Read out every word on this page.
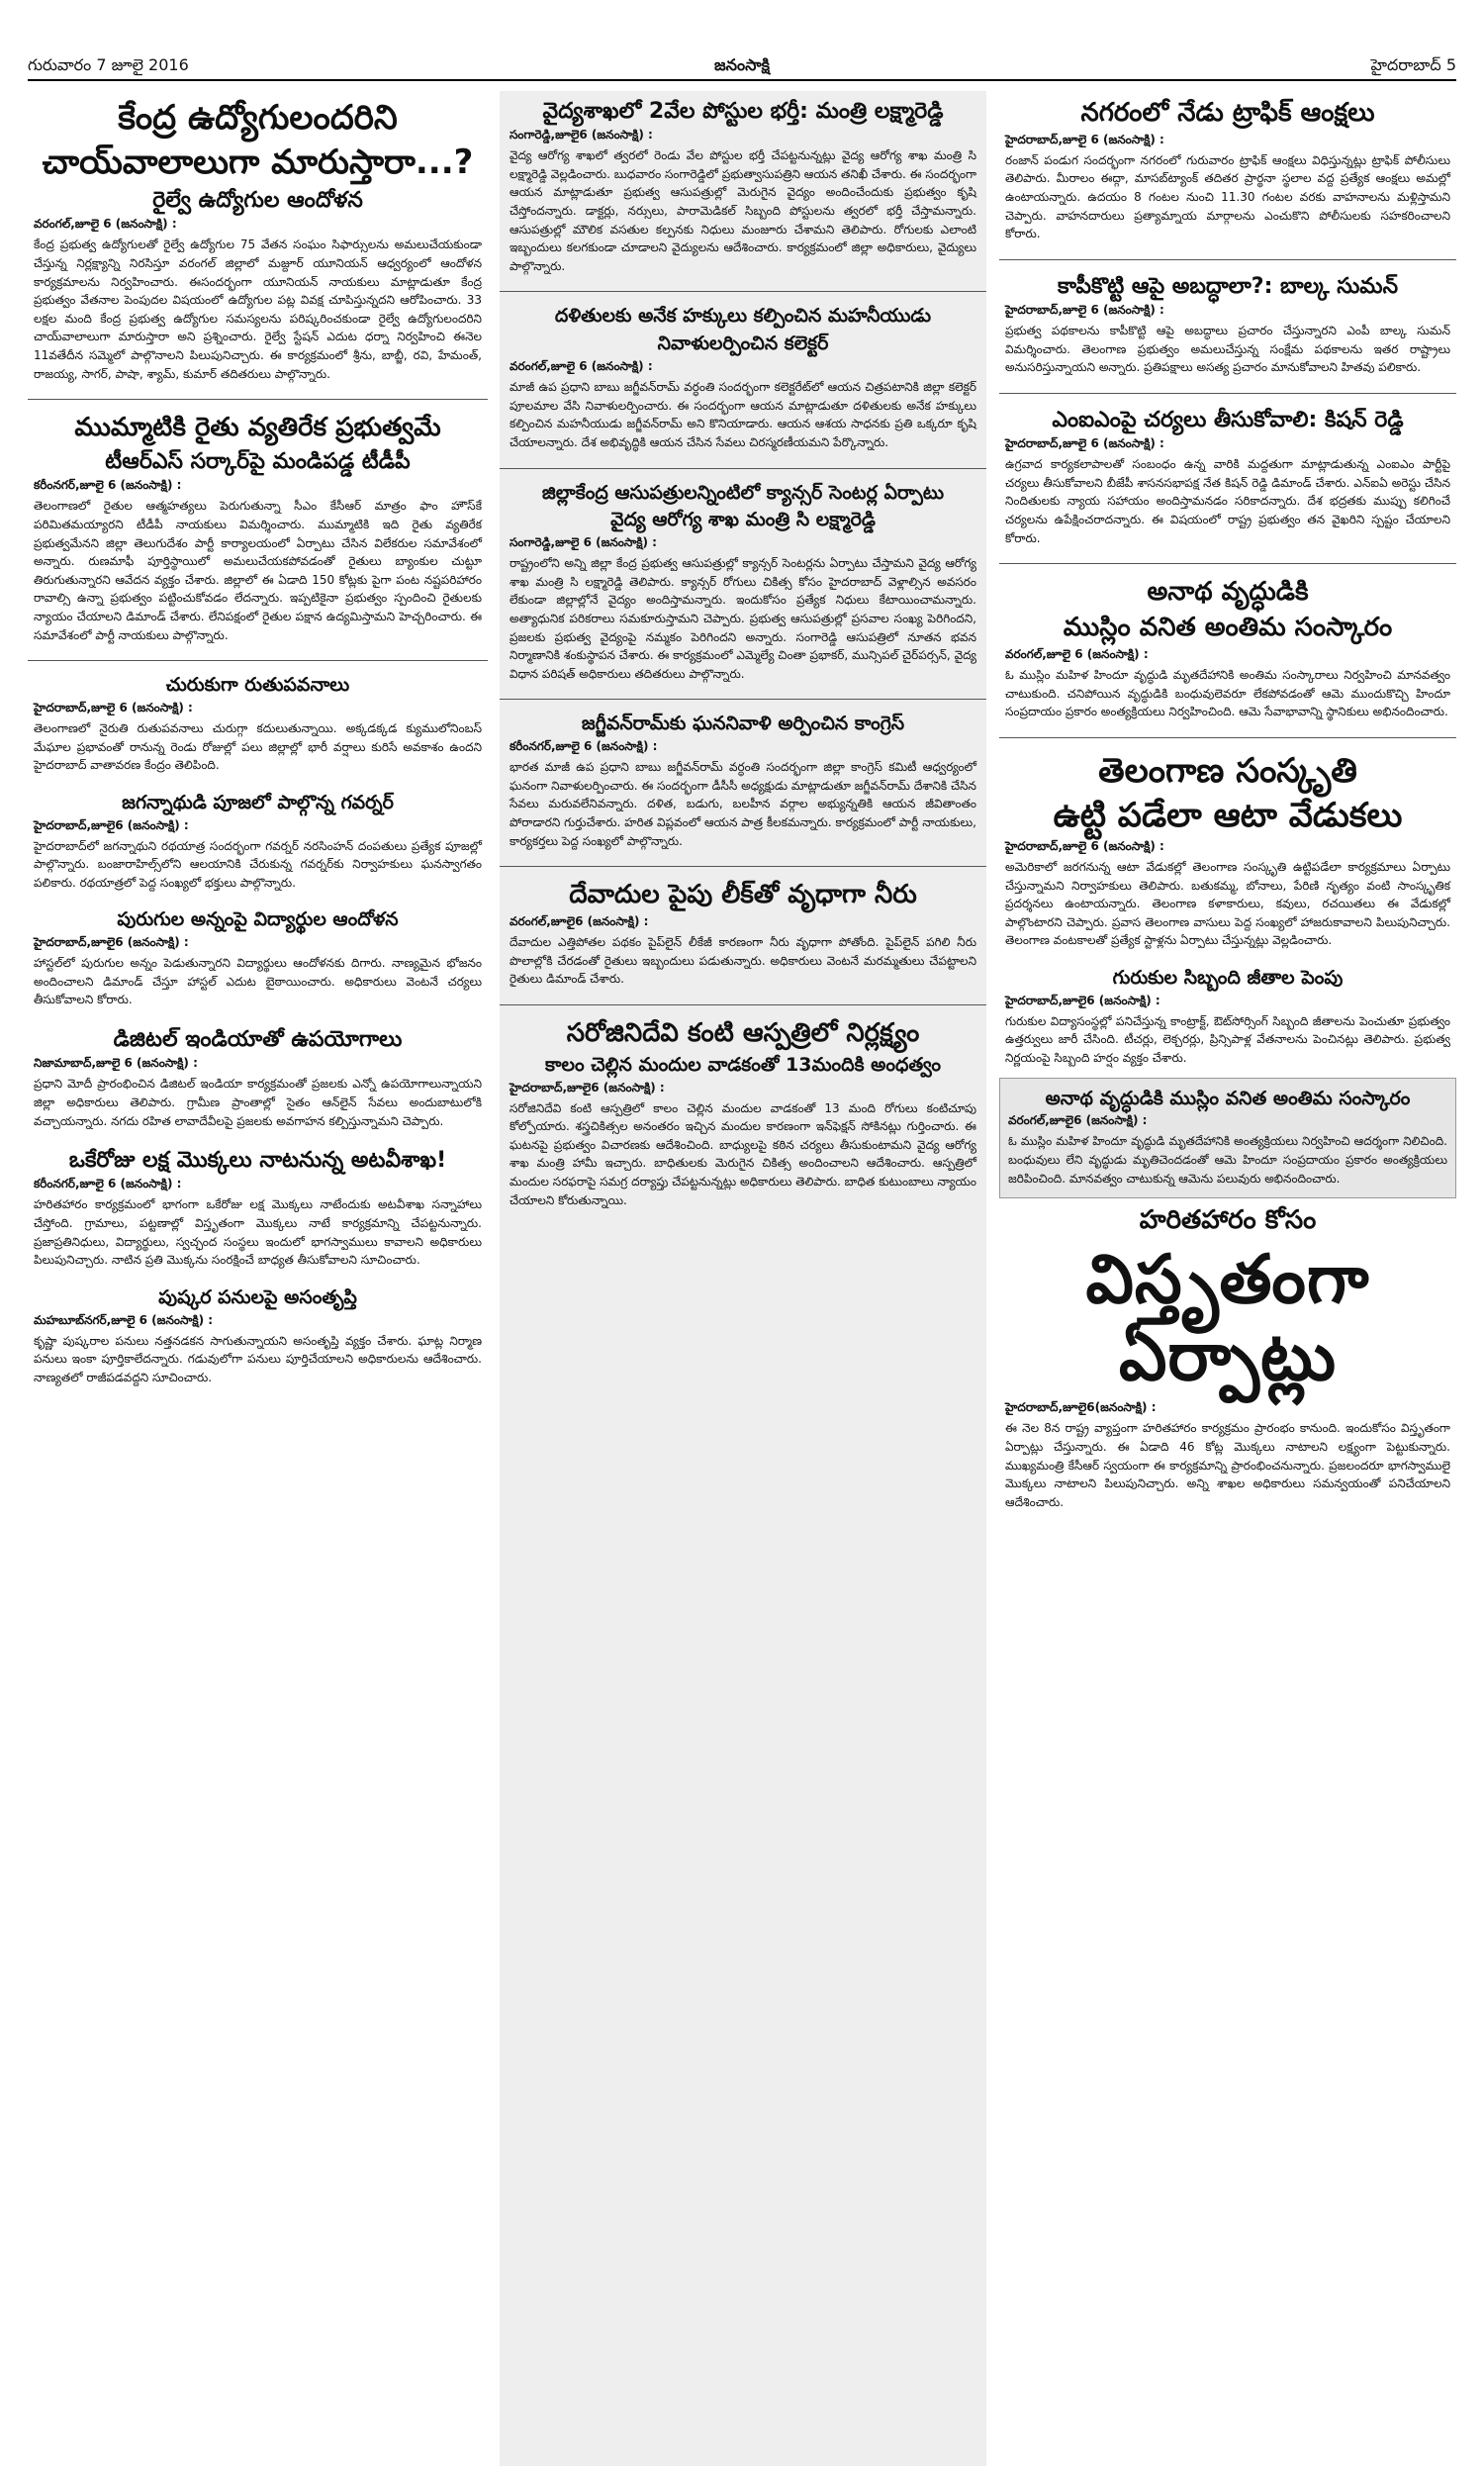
గురువారం 7 జూలై 2016	జనంసాక్షి	హైదరాబాద్ 5
కేంద్ర ఉద్యోగులందరిని
చాయ్‌వాలాలుగా మారుస్తారా...?
రైల్వే ఉద్యోగుల ఆందోళన
వరంగల్,జూలై 6 (జనంసాక్షి) :

కేంద్ర ప్రభుత్వ ఉద్యోగులతో రైల్వే ఉద్యోగుల 75 వేతన సంఘం సిఫార్సులను అమలుచేయకుండా చేస్తున్న నిర్లక్ష్యాన్ని నిరసిస్తూ వరంగల్ జిల్లాలో మజ్దూర్ యూనియన్ ఆధ్వర్యంలో ఆందోళన కార్యక్రమాలను నిర్వహించారు. ఈసందర్భంగా యూనియన్ నాయకులు మాట్లాడుతూ కేంద్ర ప్రభుత్వం వేతనాల పెంపుదల విషయంలో ఉద్యోగుల పట్ల వివక్ష చూపిస్తున్నదని ఆరోపించారు. 33 లక్షల మంది కేంద్ర ప్రభుత్వ ఉద్యోగుల సమస్యలను పరిష్కరించకుండా రైల్వే ఉద్యోగులందరిని చాయ్‌వాలాలుగా మారుస్తారా అని ప్రశ్నించారు. రైల్వే స్టేషన్ ఎదుట ధర్నా నిర్వహించి ఈనెల 11వతేదీన సమ్మెలో పాల్గొనాలని పిలుపునిచ్చారు. ఈ కార్యక్రమంలో శ్రీను, బాబ్జీ, రవి, హేమంత్, రాజయ్య, సాగర్, పాషా, శ్యామ్, కుమార్ తదితరులు పాల్గొన్నారు.

ముమ్మాటికి రైతు వ్యతిరేక ప్రభుత్వమే
టీఆర్ఎస్ సర్కార్‌పై మండిపడ్డ టీడీపీ
కరీంనగర్,జూలై 6 (జనంసాక్షి) :

తెలంగాణలో రైతుల ఆత్మహత్యలు పెరుగుతున్నా సీఎం కేసీఆర్ మాత్రం ఫాం హౌస్‌కే పరిమితమయ్యారని టీడీపీ నాయకులు విమర్శించారు. ముమ్మాటికి ఇది రైతు వ్యతిరేక ప్రభుత్వమేనని జిల్లా తెలుగుదేశం పార్టీ కార్యాలయంలో ఏర్పాటు చేసిన విలేకరుల సమావేశంలో అన్నారు. రుణమాఫీ పూర్తిస్థాయిలో అమలుచేయకపోవడంతో రైతులు బ్యాంకుల చుట్టూ తిరుగుతున్నారని ఆవేదన వ్యక్తం చేశారు. జిల్లాలో ఈ ఏడాది 150 కోట్లకు పైగా పంట నష్టపరిహారం రావాల్సి ఉన్నా ప్రభుత్వం పట్టించుకోవడం లేదన్నారు. ఇప్పటికైనా ప్రభుత్వం స్పందించి రైతులకు న్యాయం చేయాలని డిమాండ్ చేశారు. లేనిపక్షంలో రైతుల పక్షాన ఉద్యమిస్తామని హెచ్చరించారు. ఈ సమావేశంలో పార్టీ నాయకులు పాల్గొన్నారు.

చురుకుగా రుతుపవనాలు
హైదరాబాద్,జూలై 6 (జనంసాక్షి) :

తెలంగాణలో నైరుతి రుతుపవనాలు చురుగ్గా కదులుతున్నాయి. అక్కడక్కడ క్యుములోనింబస్ మేఘాల ప్రభావంతో రానున్న రెండు రోజుల్లో పలు జిల్లాల్లో భారీ వర్షాలు కురిసే అవకాశం ఉందని హైదరాబాద్ వాతావరణ కేంద్రం తెలిపింది.

జగన్నాథుడి పూజలో పాల్గొన్న గవర్నర్
హైదరాబాద్,జూలై6 (జనంసాక్షి) :

హైదరాబాద్‌లో జగన్నాథుని రథయాత్ర సందర్భంగా గవర్నర్ నరసింహన్ దంపతులు ప్రత్యేక పూజల్లో పాల్గొన్నారు. బంజారాహిల్స్‌లోని ఆలయానికి చేరుకున్న గవర్నర్‌కు నిర్వాహకులు ఘనస్వాగతం పలికారు. రథయాత్రలో పెద్ద సంఖ్యలో భక్తులు పాల్గొన్నారు.

పురుగుల అన్నంపై విద్యార్థుల ఆందోళన
హైదరాబాద్,జూలై6 (జనంసాక్షి) :

హాస్టల్‌లో పురుగుల అన్నం పెడుతున్నారని విద్యార్థులు ఆందోళనకు దిగారు. నాణ్యమైన భోజనం అందించాలని డిమాండ్ చేస్తూ హాస్టల్ ఎదుట బైఠాయించారు. అధికారులు వెంటనే చర్యలు తీసుకోవాలని కోరారు.

డిజిటల్ ఇండియాతో ఉపయోగాలు
నిజామాబాద్,జూలై 6 (జనంసాక్షి) :

ప్రధాని మోదీ ప్రారంభించిన డిజిటల్ ఇండియా కార్యక్రమంతో ప్రజలకు ఎన్నో ఉపయోగాలున్నాయని జిల్లా అధికారులు తెలిపారు. గ్రామీణ ప్రాంతాల్లో సైతం ఆన్‌లైన్ సేవలు అందుబాటులోకి వచ్చాయన్నారు. నగదు రహిత లావాదేవీలపై ప్రజలకు అవగాహన కల్పిస్తున్నామని చెప్పారు.

ఒకేరోజు లక్ష మొక్కలు నాటనున్న అటవీశాఖ!
కరీంనగర్,జూలై 6 (జనంసాక్షి) :

హరితహారం కార్యక్రమంలో భాగంగా ఒకేరోజు లక్ష మొక్కలు నాటేందుకు అటవీశాఖ సన్నాహాలు చేస్తోంది. గ్రామాలు, పట్టణాల్లో విస్తృతంగా మొక్కలు నాటే కార్యక్రమాన్ని చేపట్టనున్నారు. ప్రజాప్రతినిధులు, విద్యార్థులు, స్వచ్ఛంద సంస్థలు ఇందులో భాగస్వాములు కావాలని అధికారులు పిలుపునిచ్చారు. నాటిన ప్రతి మొక్కను సంరక్షించే బాధ్యత తీసుకోవాలని సూచించారు.

పుష్కర పనులపై అసంతృప్తి
మహబూబ్‌నగర్,జూలై 6 (జనంసాక్షి) :

కృష్ణా పుష్కరాల పనులు నత్తనడకన సాగుతున్నాయని అసంతృప్తి వ్యక్తం చేశారు. ఘాట్ల నిర్మాణ పనులు ఇంకా పూర్తికాలేదన్నారు. గడువులోగా పనులు పూర్తిచేయాలని అధికారులను ఆదేశించారు. నాణ్యతలో రాజీపడవద్దని సూచించారు.

వైద్యశాఖలో 2వేల పోస్టుల భర్తీ: మంత్రి లక్ష్మారెడ్డి
సంగారెడ్డి,జూలై6 (జనంసాక్షి) :

వైద్య ఆరోగ్య శాఖలో త్వరలో రెండు వేల పోస్టుల భర్తీ చేపట్టనున్నట్లు వైద్య ఆరోగ్య శాఖ మంత్రి సి లక్ష్మారెడ్డి వెల్లడించారు. బుధవారం సంగారెడ్డిలో ప్రభుత్వాసుపత్రిని ఆయన తనిఖీ చేశారు. ఈ సందర్భంగా ఆయన మాట్లాడుతూ ప్రభుత్వ ఆసుపత్రుల్లో మెరుగైన వైద్యం అందించేందుకు ప్రభుత్వం కృషి చేస్తోందన్నారు. డాక్టర్లు, నర్సులు, పారామెడికల్ సిబ్బంది పోస్టులను త్వరలో భర్తీ చేస్తామన్నారు. ఆసుపత్రుల్లో మౌలిక వసతుల కల్పనకు నిధులు మంజూరు చేశామని తెలిపారు. రోగులకు ఎలాంటి ఇబ్బందులు కలగకుండా చూడాలని వైద్యులను ఆదేశించారు. కార్యక్రమంలో జిల్లా అధికారులు, వైద్యులు పాల్గొన్నారు.

దళితులకు అనేక హక్కులు కల్పించిన మహనీయుడు
నివాళులర్పించిన కలెక్టర్
వరంగల్,జూలై 6 (జనంసాక్షి) :

మాజీ ఉప ప్రధాని బాబు జగ్జీవన్‌రామ్ వర్ధంతి సందర్భంగా కలెక్టరేట్‌లో ఆయన చిత్రపటానికి జిల్లా కలెక్టర్ పూలమాల వేసి నివాళులర్పించారు. ఈ సందర్భంగా ఆయన మాట్లాడుతూ దళితులకు అనేక హక్కులు కల్పించిన మహనీయుడు జగ్జీవన్‌రామ్ అని కొనియాడారు. ఆయన ఆశయ సాధనకు ప్రతి ఒక్కరూ కృషి చేయాలన్నారు. దేశ అభివృద్ధికి ఆయన చేసిన సేవలు చిరస్మరణీయమని పేర్కొన్నారు.

జిల్లాకేంద్ర ఆసుపత్రులన్నింటిలో క్యాన్సర్ సెంటర్ల ఏర్పాటు
వైద్య ఆరోగ్య శాఖ మంత్రి సి లక్ష్మారెడ్డి
సంగారెడ్డి,జూలై 6 (జనంసాక్షి) :

రాష్ట్రంలోని అన్ని జిల్లా కేంద్ర ప్రభుత్వ ఆసుపత్రుల్లో క్యాన్సర్ సెంటర్లను ఏర్పాటు చేస్తామని వైద్య ఆరోగ్య శాఖ మంత్రి సి లక్ష్మారెడ్డి తెలిపారు. క్యాన్సర్ రోగులు చికిత్స కోసం హైదరాబాద్ వెళ్లాల్సిన అవసరం లేకుండా జిల్లాల్లోనే వైద్యం అందిస్తామన్నారు. ఇందుకోసం ప్రత్యేక నిధులు కేటాయించామన్నారు. అత్యాధునిక పరికరాలు సమకూరుస్తామని చెప్పారు. ప్రభుత్వ ఆసుపత్రుల్లో ప్రసవాల సంఖ్య పెరిగిందని, ప్రజలకు ప్రభుత్వ వైద్యంపై నమ్మకం పెరిగిందని అన్నారు. సంగారెడ్డి ఆసుపత్రిలో నూతన భవన నిర్మాణానికి శంకుస్థాపన చేశారు. ఈ కార్యక్రమంలో ఎమ్మెల్యే చింతా ప్రభాకర్, మున్సిపల్ చైర్‌పర్సన్, వైద్య విధాన పరిషత్ అధికారులు తదితరులు పాల్గొన్నారు.

జగ్జీవన్‌రామ్‌కు ఘననివాళి అర్పించిన కాంగ్రెస్
కరీంనగర్,జూలై 6 (జనంసాక్షి) :

భారత మాజీ ఉప ప్రధాని బాబు జగ్జీవన్‌రామ్ వర్ధంతి సందర్భంగా జిల్లా కాంగ్రెస్ కమిటీ ఆధ్వర్యంలో ఘనంగా నివాళులర్పించారు. ఈ సందర్భంగా డీసీసీ అధ్యక్షుడు మాట్లాడుతూ జగ్జీవన్‌రామ్ దేశానికి చేసిన సేవలు మరువలేనివన్నారు. దళిత, బడుగు, బలహీన వర్గాల అభ్యున్నతికి ఆయన జీవితాంతం పోరాడారని గుర్తుచేశారు. హరిత విప్లవంలో ఆయన పాత్ర కీలకమన్నారు. కార్యక్రమంలో పార్టీ నాయకులు, కార్యకర్తలు పెద్ద సంఖ్యలో పాల్గొన్నారు.

దేవాదుల పైపు లీక్‌తో వృధాగా నీరు
వరంగల్,జూలై6 (జనంసాక్షి) :

దేవాదుల ఎత్తిపోతల పథకం పైప్‌లైన్ లీకేజీ కారణంగా నీరు వృధాగా పోతోంది. పైప్‌లైన్ పగిలి నీరు పొలాల్లోకి చేరడంతో రైతులు ఇబ్బందులు పడుతున్నారు. అధికారులు వెంటనే మరమ్మతులు చేపట్టాలని రైతులు డిమాండ్ చేశారు.

సరోజినిదేవి కంటి ఆస్పత్రిలో నిర్లక్ష్యం
కాలం చెల్లిన మందుల వాడకంతో 13మందికి అంధత్వం
హైదరాబాద్,జూలై6 (జనంసాక్షి) :

సరోజినిదేవి కంటి ఆస్పత్రిలో కాలం చెల్లిన మందుల వాడకంతో 13 మంది రోగులు కంటిచూపు కోల్పోయారు. శస్త్రచికిత్సల అనంతరం ఇచ్చిన మందుల కారణంగా ఇన్‌ఫెక్షన్ సోకినట్లు గుర్తించారు. ఈ ఘటనపై ప్రభుత్వం విచారణకు ఆదేశించింది. బాధ్యులపై కఠిన చర్యలు తీసుకుంటామని వైద్య ఆరోగ్య శాఖ మంత్రి హామీ ఇచ్చారు. బాధితులకు మెరుగైన చికిత్స అందించాలని ఆదేశించారు. ఆస్పత్రిలో మందుల సరఫరాపై సమగ్ర దర్యాప్తు చేపట్టనున్నట్లు అధికారులు తెలిపారు. బాధిత కుటుంబాలు న్యాయం చేయాలని కోరుతున్నాయి.

నగరంలో నేడు ట్రాఫిక్ ఆంక్షలు
హైదరాబాద్,జూలై 6 (జనంసాక్షి) :

రంజాన్ పండుగ సందర్భంగా నగరంలో గురువారం ట్రాఫిక్ ఆంక్షలు విధిస్తున్నట్లు ట్రాఫిక్ పోలీసులు తెలిపారు. మీరాలం ఈద్గా, మాసబ్‌ట్యాంక్ తదితర ప్రార్థనా స్థలాల వద్ద ప్రత్యేక ఆంక్షలు అమల్లో ఉంటాయన్నారు. ఉదయం 8 గంటల నుంచి 11.30 గంటల వరకు వాహనాలను మళ్లిస్తామని చెప్పారు. వాహనదారులు ప్రత్యామ్నాయ మార్గాలను ఎంచుకొని పోలీసులకు సహకరించాలని కోరారు.

కాపీకొట్టి ఆపై అబద్ధాలా?: బాల్క సుమన్
హైదరాబాద్,జూలై 6 (జనంసాక్షి) :

ప్రభుత్వ పథకాలను కాపీకొట్టి ఆపై అబద్ధాలు ప్రచారం చేస్తున్నారని ఎంపీ బాల్క సుమన్ విమర్శించారు. తెలంగాణ ప్రభుత్వం అమలుచేస్తున్న సంక్షేమ పథకాలను ఇతర రాష్ట్రాలు అనుసరిస్తున్నాయని అన్నారు. ప్రతిపక్షాలు అసత్య ప్రచారం మానుకోవాలని హితవు పలికారు.

ఎంఐఎంపై చర్యలు తీసుకోవాలి: కిషన్ రెడ్డి
హైదరాబాద్,జూలై 6 (జనంసాక్షి) :

ఉగ్రవాద కార్యకలాపాలతో సంబంధం ఉన్న వారికి మద్దతుగా మాట్లాడుతున్న ఎంఐఎం పార్టీపై చర్యలు తీసుకోవాలని బీజేపీ శాసనసభాపక్ష నేత కిషన్ రెడ్డి డిమాండ్ చేశారు. ఎన్ఐఏ అరెస్టు చేసిన నిందితులకు న్యాయ సహాయం అందిస్తామనడం సరికాదన్నారు. దేశ భద్రతకు ముప్పు కలిగించే చర్యలను ఉపేక్షించరాదన్నారు. ఈ విషయంలో రాష్ట్ర ప్రభుత్వం తన వైఖరిని స్పష్టం చేయాలని కోరారు.

అనాథ వృద్ధుడికి
ముస్లిం వనిత అంతిమ సంస్కారం
వరంగల్,జూలై 6 (జనంసాక్షి) :

ఓ ముస్లిం మహిళ హిందూ వృద్ధుడి మృతదేహానికి అంతిమ సంస్కారాలు నిర్వహించి మానవత్వం చాటుకుంది. చనిపోయిన వృద్ధుడికి బంధువులెవరూ లేకపోవడంతో ఆమె ముందుకొచ్చి హిందూ సంప్రదాయం ప్రకారం అంత్యక్రియలు నిర్వహించింది. ఆమె సేవాభావాన్ని స్థానికులు అభినందించారు.

తెలంగాణ సంస్కృతి
ఉట్టి పడేలా ఆటా వేడుకలు
హైదరాబాద్,జూలై 6 (జనంసాక్షి) :

అమెరికాలో జరగనున్న ఆటా వేడుకల్లో తెలంగాణ సంస్కృతి ఉట్టిపడేలా కార్యక్రమాలు ఏర్పాటు చేస్తున్నామని నిర్వాహకులు తెలిపారు. బతుకమ్మ, బోనాలు, పేరిణి నృత్యం వంటి సాంస్కృతిక ప్రదర్శనలు ఉంటాయన్నారు. తెలంగాణ కళాకారులు, కవులు, రచయితలు ఈ వేడుకల్లో పాల్గొంటారని చెప్పారు. ప్రవాస తెలంగాణ వాసులు పెద్ద సంఖ్యలో హాజరుకావాలని పిలుపునిచ్చారు. తెలంగాణ వంటకాలతో ప్రత్యేక స్టాళ్లను ఏర్పాటు చేస్తున్నట్లు వెల్లడించారు.

గురుకుల సిబ్బంది జీతాల పెంపు
హైదరాబాద్,జూలై6 (జనంసాక్షి) :

గురుకుల విద్యాసంస్థల్లో పనిచేస్తున్న కాంట్రాక్ట్, ఔట్‌సోర్సింగ్ సిబ్బంది జీతాలను పెంచుతూ ప్రభుత్వం ఉత్తర్వులు జారీ చేసింది. టీచర్లు, లెక్చరర్లు, ప్రిన్సిపాళ్ల వేతనాలను పెంచినట్లు తెలిపారు. ప్రభుత్వ నిర్ణయంపై సిబ్బంది హర్షం వ్యక్తం చేశారు.

అనాథ వృద్ధుడికి ముస్లిం వనిత అంతిమ సంస్కారం
వరంగల్,జూలై6 (జనంసాక్షి) :

ఓ ముస్లిం మహిళ హిందూ వృద్ధుడి మృతదేహానికి అంత్యక్రియలు నిర్వహించి ఆదర్శంగా నిలిచింది. బంధువులు లేని వృద్ధుడు మృతిచెందడంతో ఆమె హిందూ సంప్రదాయం ప్రకారం అంత్యక్రియలు జరిపించింది. మానవత్వం చాటుకున్న ఆమెను పలువురు అభినందించారు.

హరితహారం కోసం
విస్తృతంగా ఏర్పాట్లు
హైదరాబాద్,జూలై6(జనంసాక్షి) :

ఈ నెల 8న రాష్ట్ర వ్యాప్తంగా హరితహారం కార్యక్రమం ప్రారంభం కానుంది. ఇందుకోసం విస్తృతంగా ఏర్పాట్లు చేస్తున్నారు. ఈ ఏడాది 46 కోట్ల మొక్కలు నాటాలని లక్ష్యంగా పెట్టుకున్నారు. ముఖ్యమంత్రి కేసీఆర్ స్వయంగా ఈ కార్యక్రమాన్ని ప్రారంభించనున్నారు. ప్రజలందరూ భాగస్వాములై మొక్కలు నాటాలని పిలుపునిచ్చారు. అన్ని శాఖల అధికారులు సమన్వయంతో పనిచేయాలని ఆదేశించారు.
